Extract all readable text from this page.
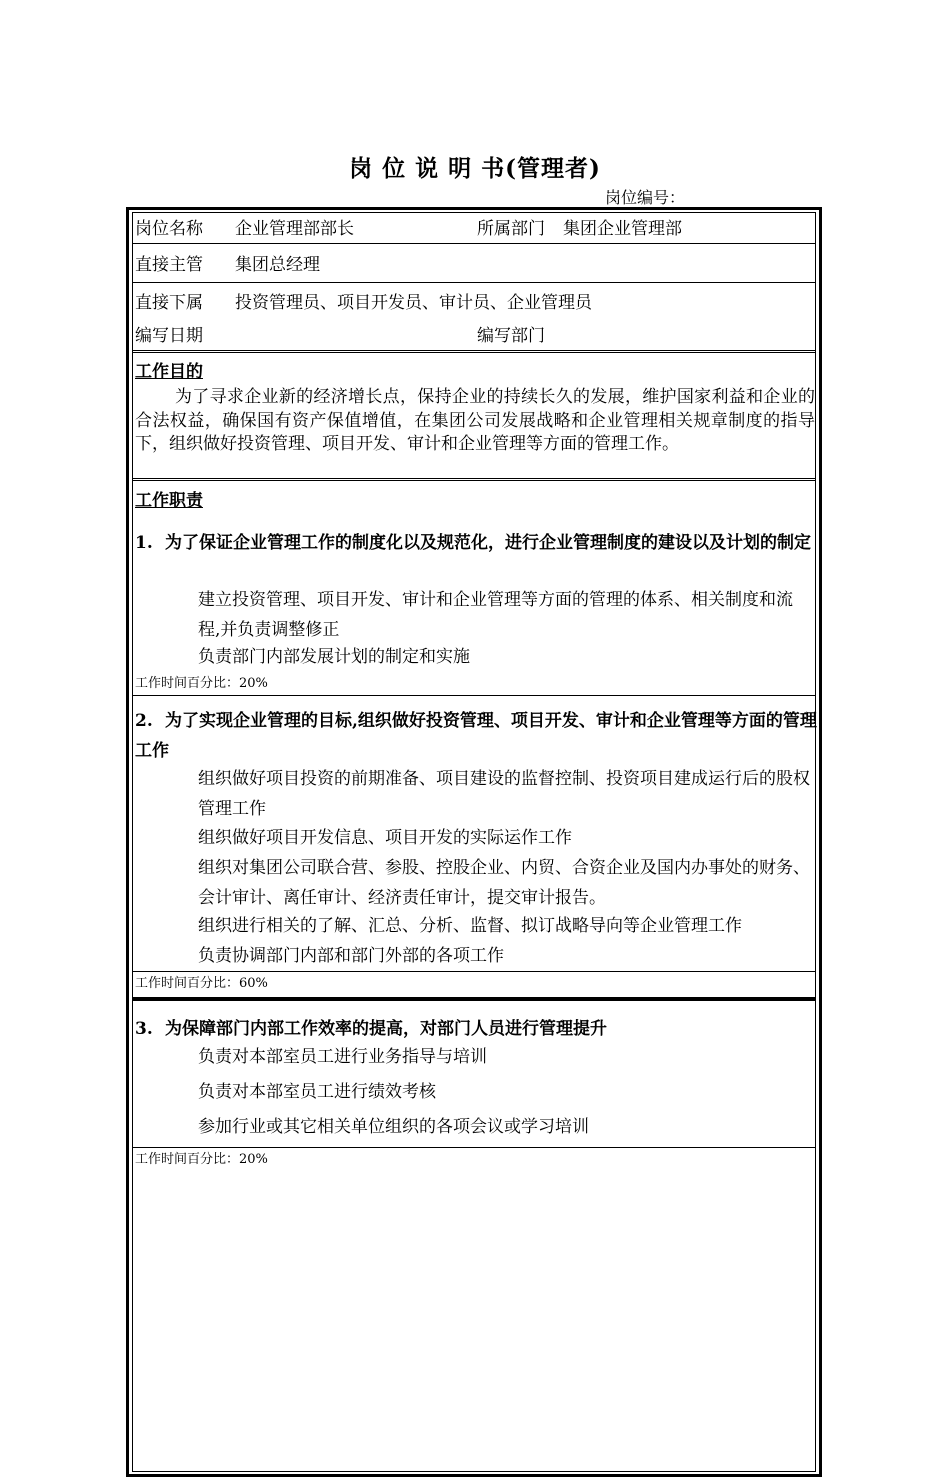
岗 位 说 明 书(管理者)
岗位编号：
岗位名称 企业管理部部长	所属部门 集团企业管理部
直接主管 集团总经理
直接下属 投资管理员、项目开发员、审计员、企业管理员
编写日期	编写部门
工作目的
为了寻求企业新的经济增长点，保持企业的持续长久的发展，维护国家利益和企业的合法权益，确保国有资产保值增值，在集团公司发展战略和企业管理相关规章制度的指导下，组织做好投资管理、项目开发、审计和企业管理等方面的管理工作。
工作职责
1. 为了保证企业管理工作的制度化以及规范化，进行企业管理制度的建设以及计划的制定
建立投资管理、项目开发、审计和企业管理等方面的管理的体系、相关制度和流程,并负责调整修正
负责部门内部发展计划的制定和实施
工作时间百分比：20%
2. 为了实现企业管理的目标,组织做好投资管理、项目开发、审计和企业管理等方面的管理工作
组织做好项目投资的前期准备、项目建设的监督控制、投资项目建成运行后的股权管理工作
组织做好项目开发信息、项目开发的实际运作工作
组织对集团公司联合营、参股、控股企业、内贸、合资企业及国内办事处的财务、会计审计、离任审计、经济责任审计，提交审计报告。
组织进行相关的了解、汇总、分析、监督、拟订战略导向等企业管理工作
负责协调部门内部和部门外部的各项工作
工作时间百分比：60%
3. 为保障部门内部工作效率的提高，对部门人员进行管理提升
负责对本部室员工进行业务指导与培训
负责对本部室员工进行绩效考核
参加行业或其它相关单位组织的各项会议或学习培训
工作时间百分比：20%
